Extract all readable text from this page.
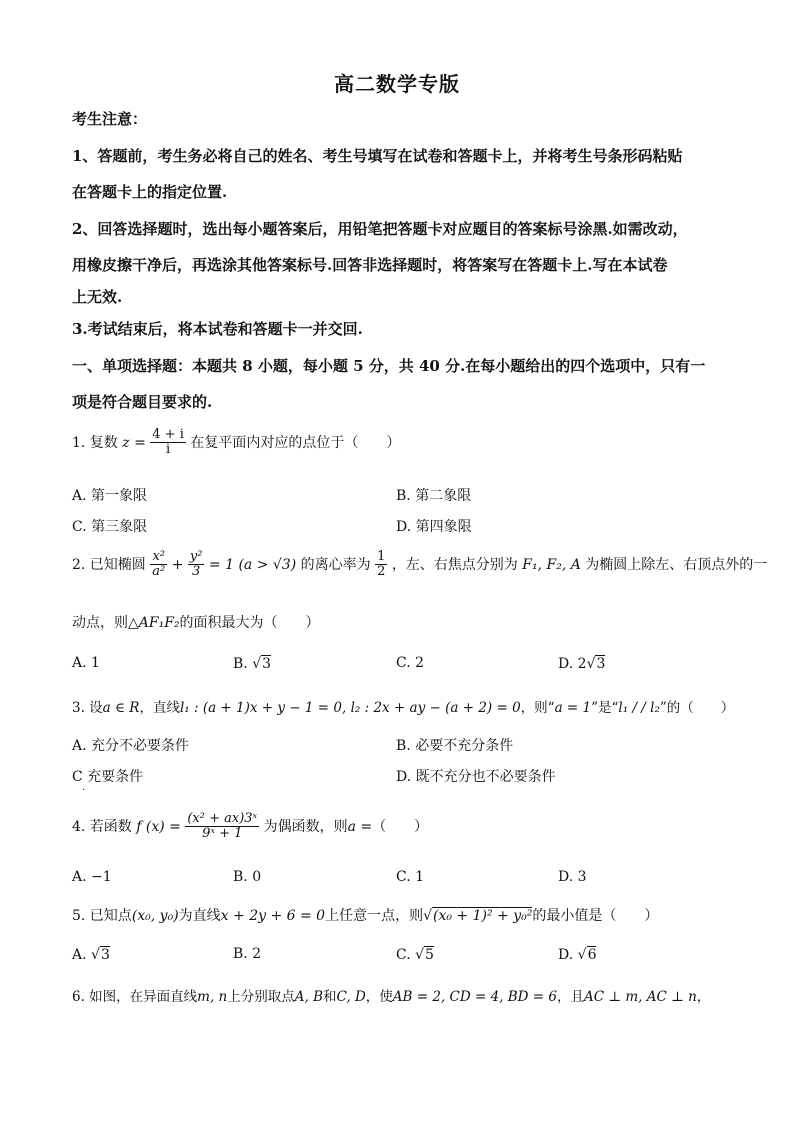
高二数学专版
考生注意：
1、答题前，考生务必将自己的姓名、考生号填写在试卷和答题卡上，并将考生号条形码粘贴
在答题卡上的指定位置.
2、回答选择题时，选出每小题答案后，用铅笔把答题卡对应题目的答案标号涂黑.如需改动，
用橡皮擦干净后，再选涂其他答案标号.回答非选择题时，将答案写在答题卡上.写在本试卷
上无效.
3.考试结束后，将本试卷和答题卡一并交回.
一、单项选择题：本题共 8 小题，每小题 5 分，共 40 分.在每小题给出的四个选项中，只有一
项是符合题目要求的.
1. 复数 $z = \frac{4 + i}{i}$ 在复平面内对应的点位于（　　）
A. 第一象限	B. 第二象限
C. 第三象限	D. 第四象限
2. 已知椭圆 $\frac{\text{x²}}{\text{a²}} + \frac{\text{y²}}{3} = 1$ (a > √3) 的离心率为 $\frac{1}{2}$ ，左、右焦点分别为 F₁, F₂, A 为椭圆上除左、右顶点外的一
动点，则△AF₁F₂的面积最大为（　　）
A. 1	B. √3	C. 2	D. 2√3
3. 设a ∈ R，直线l₁ : (a + 1)x + y − 1 = 0, l₂ : 2x + ay − (a + 2) = 0，则“a = 1”是“l₁ / / l₂”的（　　）
A. 充分不必要条件	B. 必要不充分条件
C 充要条件	D. 既不充分也不必要条件
·
4. 若函数 f $(x) = \frac{\text{(x² + ax)3ˣ}}{\text{9ˣ + 1}}$ 为偶函数，则a =（　　）
A. −1	B. 0	C. 1	D. 3
5. 已知点(x₀, y₀)为直线x + 2y + 6 = 0上任意一点，则√(x₀ + 1)² + y₀²的最小值是（　　）
A. √3	B. 2	C. √5	D. √6
6. 如图，在异面直线m, n上分别取点A, B和C, D，使AB = 2, CD = 4, BD = 6，且AC ⊥ m, AC ⊥ n，
